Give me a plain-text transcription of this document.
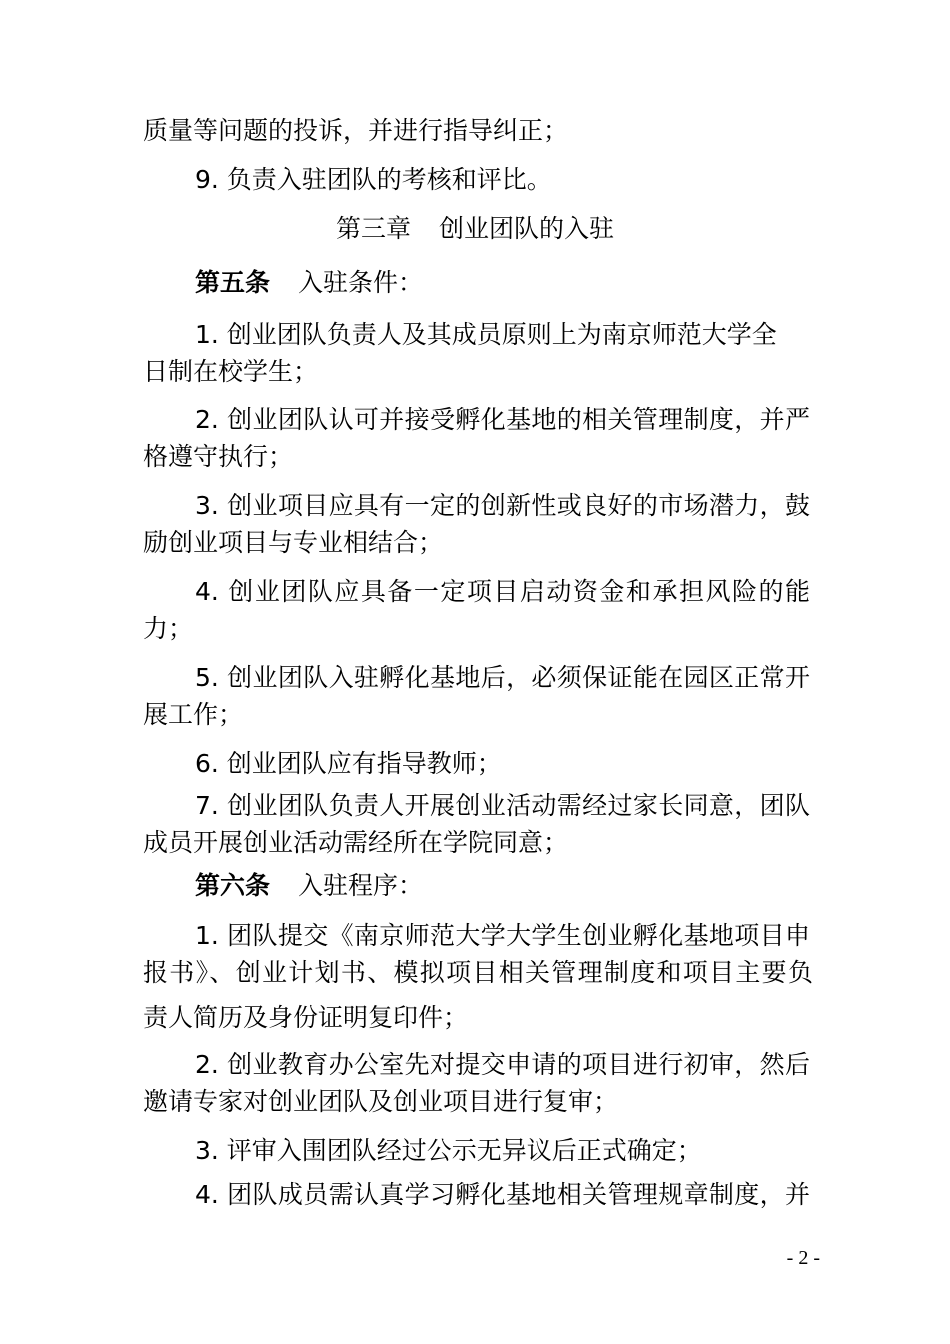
质量等问题的投诉，并进行指导纠正；
9. 负责入驻团队的考核和评比。
第三章 创业团队的入驻
第五条 入驻条件：
1. 创业团队负责人及其成员原则上为南京师范大学全
日制在校学生；
2. 创业团队认可并接受孵化基地的相关管理制度，并严
格遵守执行；
3. 创业项目应具有一定的创新性或良好的市场潜力，鼓
励创业项目与专业相结合；
4. 创业团队应具备一定项目启动资金和承担风险的能
力；
5. 创业团队入驻孵化基地后，必须保证能在园区正常开
展工作；
6. 创业团队应有指导教师；
7. 创业团队负责人开展创业活动需经过家长同意，团队
成员开展创业活动需经所在学院同意；
第六条 入驻程序：
1. 团队提交《南京师范大学大学生创业孵化基地项目申
报书》、创业计划书、模拟项目相关管理制度和项目主要负
责人简历及身份证明复印件；
2. 创业教育办公室先对提交申请的项目进行初审，然后
邀请专家对创业团队及创业项目进行复审；
3. 评审入围团队经过公示无异议后正式确定；
4. 团队成员需认真学习孵化基地相关管理规章制度，并
- 2 -
